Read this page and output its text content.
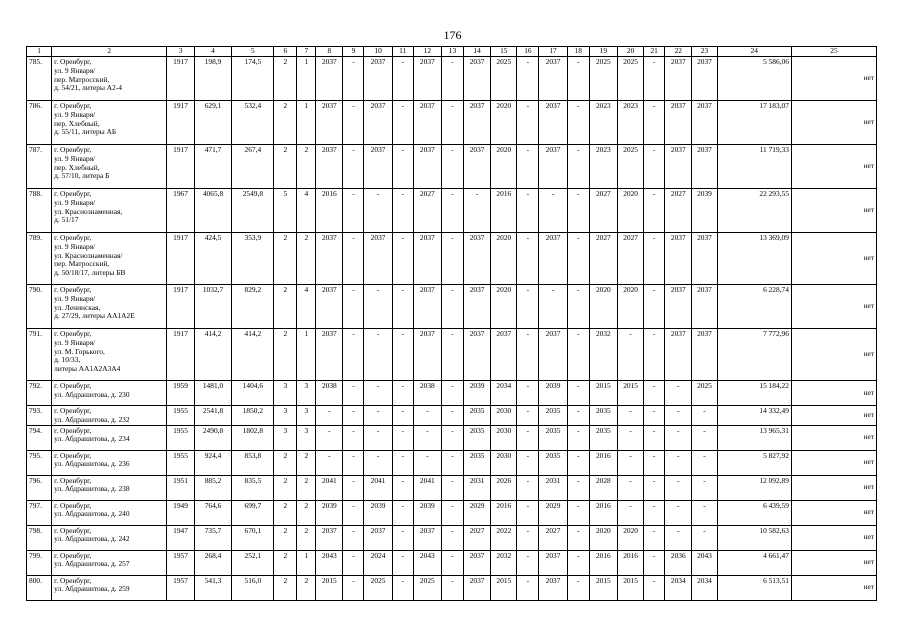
176
1	2	3	4	5	6	7	8	9	10	11	12	13	14	15	16	17	18	19	20	21	22	23	24	25
785.	г. Оренбург,
ул. 9 Января/
пер. Матросский,
д. 54/21, литеры А2-4	1917	198,9	174,5	2	1	2037	-	2037	-	2037	-	2037	2025	-	2037	-	2025	2025	-	2037	2037	5 586,06	нет
786.	г. Оренбург,
ул. 9 Января/
пер. Хлебный,
д. 55/11, литеры АБ	1917	629,1	532,4	2	1	2037	-	2037	-	2037	-	2037	2020	-	2037	-	2023	2023	-	2037	2037	17 183,07	нет
787.	г. Оренбург,
ул. 9 Января/
пер. Хлебный,
д. 57/10, литера Б	1917	471,7	267,4	2	2	2037	-	2037	-	2037	-	2037	2020	-	2037	-	2023	2025	-	2037	2037	11 719,33	нет
788.	г. Оренбург,
ул. 9 Января/
ул. Краснознаменная,
д. 51/17	1967	4065,8	2549,8	5	4	2016	-	-	-	2027	-	-	2016	-	-	-	2027	2020	-	2027	2039	22 293,55	нет
789.	г. Оренбург,
ул. 9 Января/
ул. Краснознаменная/
пер. Матросский,
д. 50/18/17, литеры БВ	1917	424,5	353,9	2	2	2037	-	2037	-	2037	-	2037	2020	-	2037	-	2027	2027	-	2037	2037	13 369,09	нет
790.	г. Оренбург,
ул. 9 Января/
ул. Ленинская,
д. 27/29, литеры АА1А2Е	1917	1032,7	829,2	2	4	2037	-	-	-	2037	-	2037	2020	-	-	-	2020	2020	-	2037	2037	6 228,74	нет
791.	г. Оренбург,
ул. 9 Января/
ул. М. Горького,
д. 10/33,
литеры АА1А2А3А4	1917	414,2	414,2	2	1	2037	-	-	-	2037	-	2037	2037	-	2037	-	2032	-	-	2037	2037	7 772,96	нет
792.	г. Оренбург,
ул. Абдрашитова, д. 230	1959	1481,0	1404,6	3	3	2038	-	-	-	2038	-	2039	2034	-	2039	-	2015	2015	-	-	2025	15 184,22	нет
793.	г. Оренбург,
ул. Абдрашитова, д. 232	1955	2541,8	1850,2	3	3	-	-	-	-	-	-	2035	2030	-	2035	-	2035	-	-	-	-	14 332,49	нет
794.	г. Оренбург,
ул. Абдрашитова, д. 234	1955	2490,8	1802,8	3	3	-	-	-	-	-	-	2035	2030	-	2035	-	2035	-	-	-	-	13 965,31	нет
795.	г. Оренбург,
ул. Абдрашитова, д. 236	1955	924,4	853,8	2	2	-	-	-	-	-	-	2035	2030	-	2035	-	2016	-	-	-	-	5 827,92	нет
796.	г. Оренбург,
ул. Абдрашитова, д. 238	1951	885,2	835,5	2	2	2041	-	2041	-	2041	-	2031	2026	-	2031	-	2028	-	-	-	-	12 092,89	нет
797.	г. Оренбург,
ул. Абдрашитова, д. 240	1949	764,6	699,7	2	2	2039	-	2039	-	2039	-	2029	2016	-	2029	-	2016	-	-	-	-	6 439,59	нет
798.	г. Оренбург,
ул. Абдрашитова, д. 242	1947	735,7	670,1	2	2	2037	-	2037	-	2037	-	2027	2022	-	2027	-	2020	2020	-	-	-	10 582,63	нет
799.	г. Оренбург,
ул. Абдрашитова, д. 257	1957	268,4	252,1	2	1	2043	-	2024	-	2043	-	2037	2032	-	2037	-	2016	2016	-	2036	2043	4 661,47	нет
800.	г. Оренбург,
ул. Абдрашитова, д. 259	1957	541,3	516,0	2	2	2015	-	2025	-	2025	-	2037	2015	-	2037	-	2015	2015	-	2034	2034	6 513,51	нет
